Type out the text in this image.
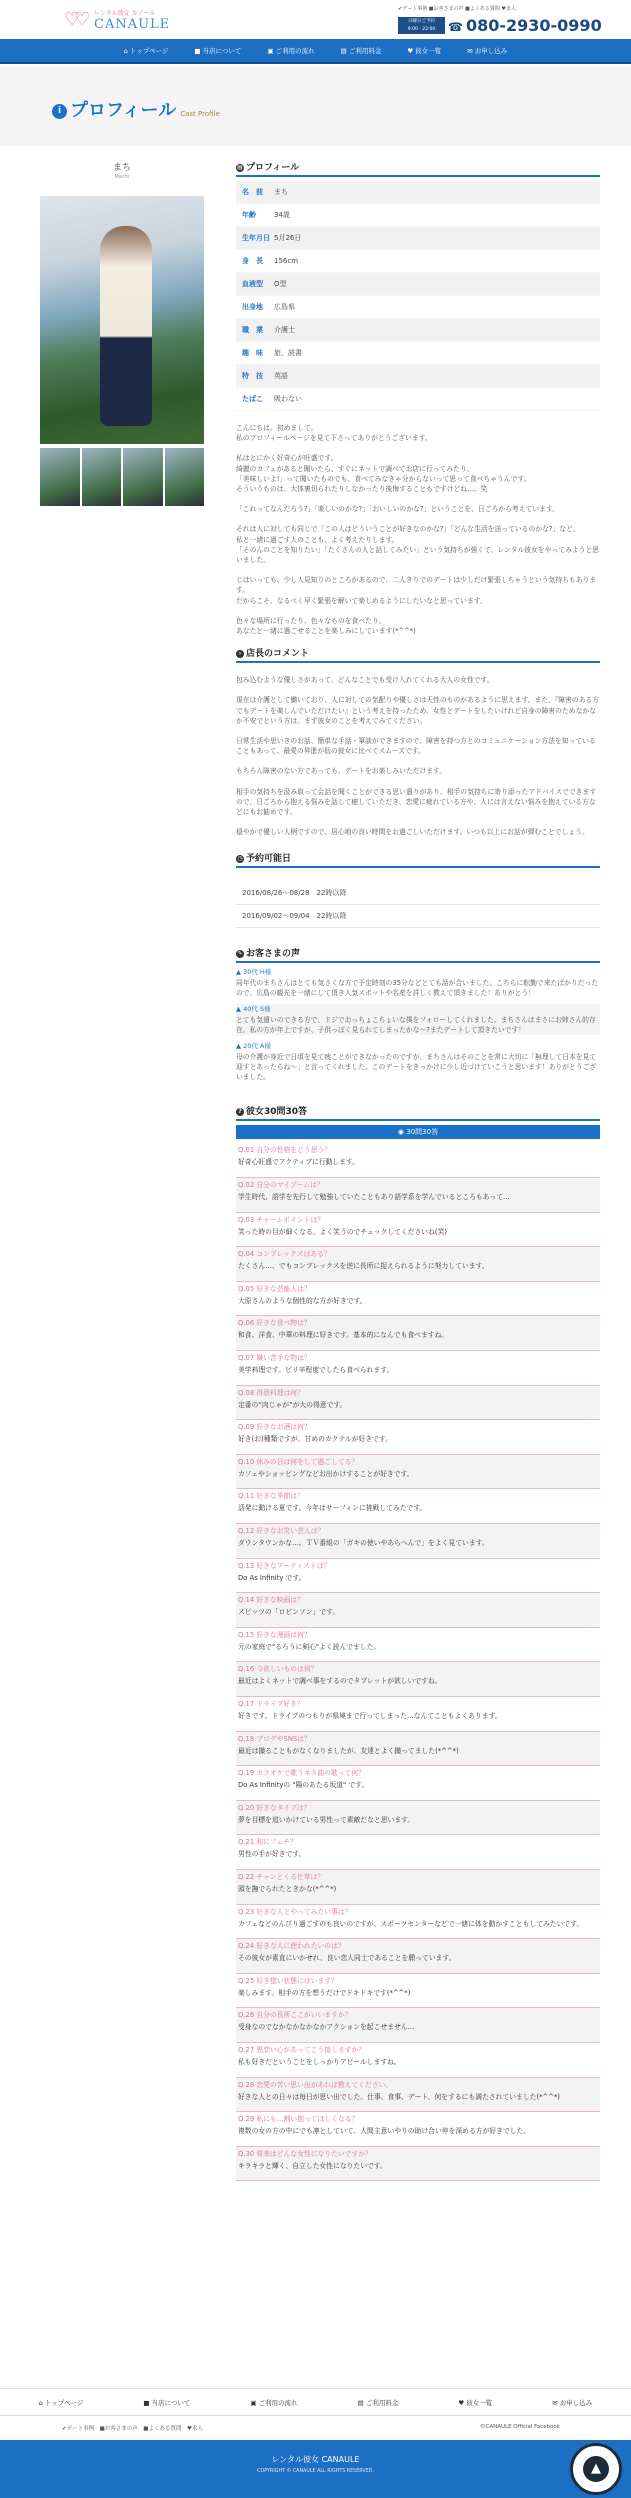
♡♡ レンタル彼女 カノール
CANAULE
✔デート事例 ■お客さまの声 ■よくある質問 ♥求人
日曜日ご予約
9:00 - 22:00	☎ 080-2930-0990
⌂ トップページ	■ 当店について	▣ ご利用の流れ	▤ ご利用料金	♥ 彼女一覧	✉ お申し込み
i プロフィール Cast Profile
まち
Machi
▤ プロフィール
名　前 まち
年齢	34歳
生年月日 5月26日
身　長 156cm
血液型 O型
出身地 広島県
職　業 介護士
趣　味 旅、読書
特　技 英語
たばこ 吸わない

こんにちは。初めまして。
私のプロフィールページを見て下さってありがとうございます。

私はとにかく好奇心が旺盛です。
綺麗のカフェがあると聞いたら、すぐにネットで調べてお店に行ってみたり、
「美味しいよ!」って聞いたものでも、食べてみなきゃ分からないって思って食べちゃうんです。
そういうものは、大体裏切られたりしなかったり後悔することもですけどね…。笑

「これってなんだろう?」「楽しいのかな?」「おいしいのかな?」ということを、日ごろから考えています。

それは人に対しても同じで「この人はどういうことが好きなのかな?」「どんな生活を送っているのかな?」など、
私と一緒に過ごす人のことも、よく考えたりします。
「そのんのことを知りたい」「たくさんの人と話してみたい」という気持ちが強くて、レンタル彼女をやってみようと思いました。

じはいっても、少し人見知りのところがあるので、二人きりでのデートは少しだけ緊張しちゃうという気持ちもあります。
だからこそ、なるべく早く緊張を解いて楽しめるようにしたいなと思っています。

色々な場所に行ったり、色々なものを食べたり。
あなたと一緒に過ごせることを楽しみにしています(*^^*)

› 店長のコメント

包み込むような優しさがあって、どんなことでも受け入れてくれる大人の女性です。

現在は介護として働いており、人に対しての気配りや優しさは天性のものがあるように思えます。また、『障害のある方でもデートを楽しんでいただけたい』という考えを持ったため、女性とデートをしたいけれど自身の障害のためなかなか不安でという方は、まず彼女のことを考えてみてください。

日常生活や思いきのお話、簡単な手話・筆談ができますので、障害を持つ方とのコミュニケーション方法を知っていることもあって、最愛の昇進が低の彼女に比べてスムーズです。

もちろん障害のない方であっても、デートをお楽しみいただけます。

相手の気持ちを汲み取って会話を聞くことができる思い遣りがあり、相手の気持ちに寄り添ったアドバイスでできますので、日ごろから抱える悩みを話して癒していただき、恋愛に疲れている方や、人には言えない悩みを抱えている方などにもお勧めです。

穏やかで優しい人柄ですので、居心地の良い時間をお過ごしいただけます。いつも以上にお話が弾むことでしょう。

◷ 予約可能日
2016/08/26～08/28　22時以降
2016/09/02～09/04　22時以降
✎ お客さまの声
▲ 30代 H様
同年代のまちさんはとても気さくな方で予定時刻の35分などとても話が合いました。こちらに転勤で来たばかりだったので、広島の観光を一緒にして頂き人気スポットや名産を詳しく教えて頂きました！ありがとう！
▲ 40代 S様
とても気遣いのできる方で、ドジでおっちょこちょいな僕をフォローしてくれました。まちさんはまさにお姉さん的存在。私の方が年上ですが、子供っぽく見られてしまったかな〜?またデートして頂きたいです！
▲ 20代 A様
母の介護が身近で日頃を見て疲ことができなかったのですが、まちさんはそのことを常に大切に「無理して日本を見て迎すとあったらね〜」と言ってくれました。このデートをきっかけに少し近づけていこうと思います！ありがとうございました。
? 彼女30問30答
◉ 30問30答
Q.01 自分の性格をどう思う？
好奇心旺盛でアクティブに行動します。
Q.02 自分のマイブームは？
学生時代、語学を先行して勉強していたこともあり語学系を学んでいるところもあって…
Q.03 チャームポイントは？
笑った時の目が細くなる、よく笑うのでチェックしてくださいね(笑)
Q.04 コンプレックスはある？
たくさん…、でもコンプレックスを逆に長所に捉えられるように努力しています。
Q.05 好きな芸能人は？
大原さんのような個性的な方が好きです。
Q.06 好きな食べ物は？
和食、洋食、中華の料理に好きです。基本的になんでも食べますね。
Q.07 嫌い苦手な物は？
美学料理です。ピリ辛程度でしたら食べられます。
Q.08 得意料理は何？
定番の“肉じゃが”が大の得意です。
Q.09 好きなお酒は何？
好き(お)種類ですが、甘めのカクテルが好きです。
Q.10 休みの日は何をして過ごしてる？
カフェやショッピングなどお出かけすることが好きです。
Q.11 好きな季節は？
活発に動ける夏です。今年はサーフィンに挑戦してみたです。
Q.12 好きなお笑い芸人は？
ダウンタウンかな…。ＴＶ番組の「ガキの使いやあらへんで」をよく見ています。
Q.13 好きなアーティストは？
Do As Infinity です。
Q.14 好きな映画は？
スピッツの「ロビンソン」です。
Q.15 好きな漫画は何？
元の家庭で"るろうに剣心"よく読んでました。
Q.16 今欲しいものは何？
最近はよくネットで調べ事をするのでタブレットが欲しいですね。
Q.17 ドライブ好き？
好きです。ドライブのつもりが県境まで行ってしまった…なんてこともよくあります。
Q.18 ブログやSNSは？
最近は撮ることもがなくなりましたが、友達とよく撮ってました(*^^*)
Q.19 カラオケで歌うネタ曲の歌って何？
Do As Infinityの "陽のあたる坂道" です。
Q.20 好きなタイプは？
夢を目標を追いかけている男性って素敵だなと思います。
Q.21 和にフェチ？
男性の手が好きです。
Q.22 チャンとくる仕草は？
頭を撫でられたときかな(*^^*)
Q.23 好きな人とやってみたい事は？
カフェなどのんびり過ごすのも良いのですが、スポーツセンターなどで一緒に体を動かすこともしてみたいです。
Q.24 好きな人に使われたいのは？
その彼女が素直にいかせれ、良い恋人同士であることを願っています。
Q.25 好き惚い状態にはいます？
楽しみます。相手の方を想うだけでドキドキです(*^^*)
Q.26 自分の長所ここがいいますか？
受身なのでなかなかなかなかアクションを起こせません…
Q.27 異恋い心があってこう接しますか？
私も好きだということをしっかりアピールしますね。
Q.28 恋愛の苦い思い出があれば教えてください。
好きな人との日々は毎日が思い出でした。仕事、食事、デート、何をするにも満たされていました(*^^*)
Q.29 私にも…割い抱ってほしくなる？
複数の女の方の中にでも凛としていて、人間主意いやりの助け合い仲を深める方が好きでした。
Q.30 将来はどんな女性になりたいですか？
キラキラと輝く、自立した女性になりたいです。
⌂ トップページ	■ 当店について	▣ ご利用の流れ	▤ ご利用料金	♥ 彼女一覧	✉ お申し込み
✔デート事例　■お客さまの声　■よくある質問　♥求人	©CANAULE Official Facebook
レンタル彼女 CANAULE
COPYRIGHT © CANAULE ALL RIGHTS RESERVED.	▲
